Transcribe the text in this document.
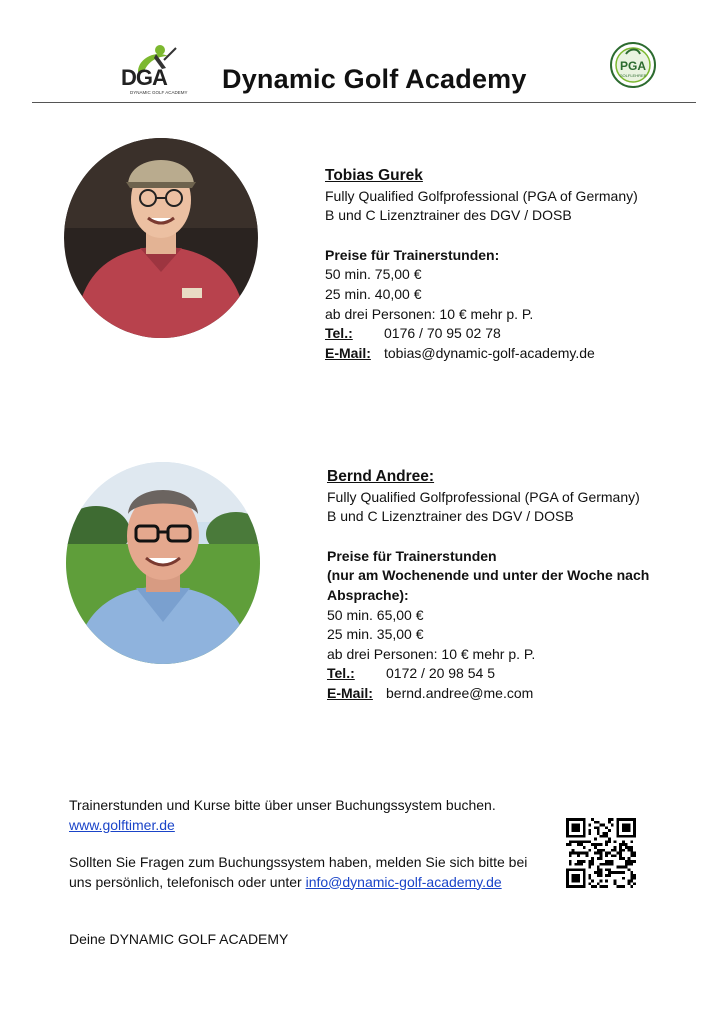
DGA
DYNAMIC GOLF ACADEMY Dynamic Golf Academy	PGA
GOLFLEHRER
Tobias Gurek
Fully Qualified Golfprofessional (PGA of Germany)
B und C Lizenztrainer des DGV / DOSB
Preise für Trainerstunden:
50 min. 75,00 €
25 min. 40,00 €
ab drei Personen: 10 € mehr p. P.
Tel.: 0176 / 70 95 02 78
E-Mail: tobias@dynamic-golf-academy.de
Bernd Andree:
Fully Qualified Golfprofessional (PGA of Germany)
B und C Lizenztrainer des DGV / DOSB
Preise für Trainerstunden
(nur am Wochenende und unter der Woche nach
Absprache):
50 min. 65,00 €
25 min. 35,00 €
ab drei Personen: 10 € mehr p. P.
Tel.: 0172 / 20 98 54 5
E-Mail: bernd.andree@me.com
Trainerstunden und Kurse bitte über unser Buchungssystem buchen.
www.golftimer.de
Sollten Sie Fragen zum Buchungssystem haben, melden Sie sich bitte bei
uns persönlich, telefonisch oder unter info@dynamic-golf-academy.de
Deine DYNAMIC GOLF ACADEMY
